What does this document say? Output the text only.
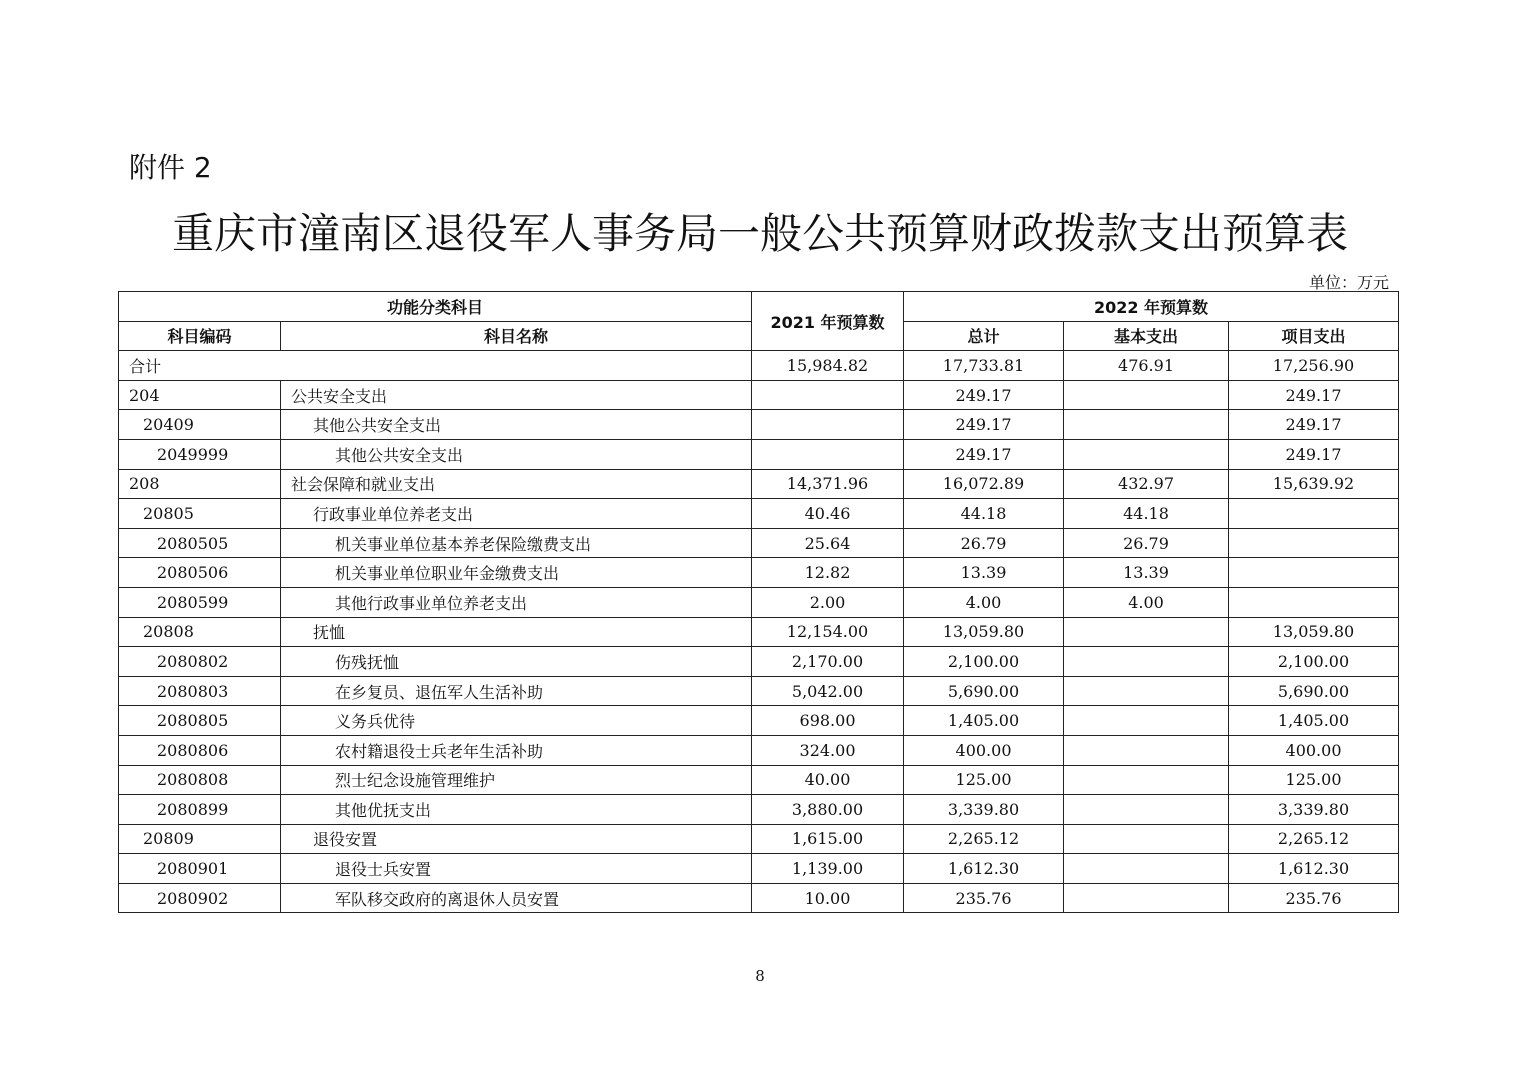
附件 2
重庆市潼南区退役军人事务局一般公共预算财政拨款支出预算表
单位：万元
功能分类科目		2021 年预算数	2022 年预算数		
科目编码	科目名称		总计	基本支出	项目支出
合计		15,984.82	17,733.81	476.91	17,256.90
204	公共安全支出		249.17		249.17
20409	其他公共安全支出		249.17		249.17
2049999	其他公共安全支出		249.17		249.17
208	社会保障和就业支出	14,371.96	16,072.89	432.97	15,639.92
20805	行政事业单位养老支出	40.46	44.18	44.18	
2080505	机关事业单位基本养老保险缴费支出	25.64	26.79	26.79	
2080506	机关事业单位职业年金缴费支出	12.82	13.39	13.39	
2080599	其他行政事业单位养老支出	2.00	4.00	4.00	
20808	抚恤	12,154.00	13,059.80		13,059.80
2080802	伤残抚恤	2,170.00	2,100.00		2,100.00
2080803	在乡复员、退伍军人生活补助	5,042.00	5,690.00		5,690.00
2080805	义务兵优待	698.00	1,405.00		1,405.00
2080806	农村籍退役士兵老年生活补助	324.00	400.00		400.00
2080808	烈士纪念设施管理维护	40.00	125.00		125.00
2080899	其他优抚支出	3,880.00	3,339.80		3,339.80
20809	退役安置	1,615.00	2,265.12		2,265.12
2080901	退役士兵安置	1,139.00	1,612.30		1,612.30
2080902	军队移交政府的离退休人员安置	10.00	235.76		235.76
8
